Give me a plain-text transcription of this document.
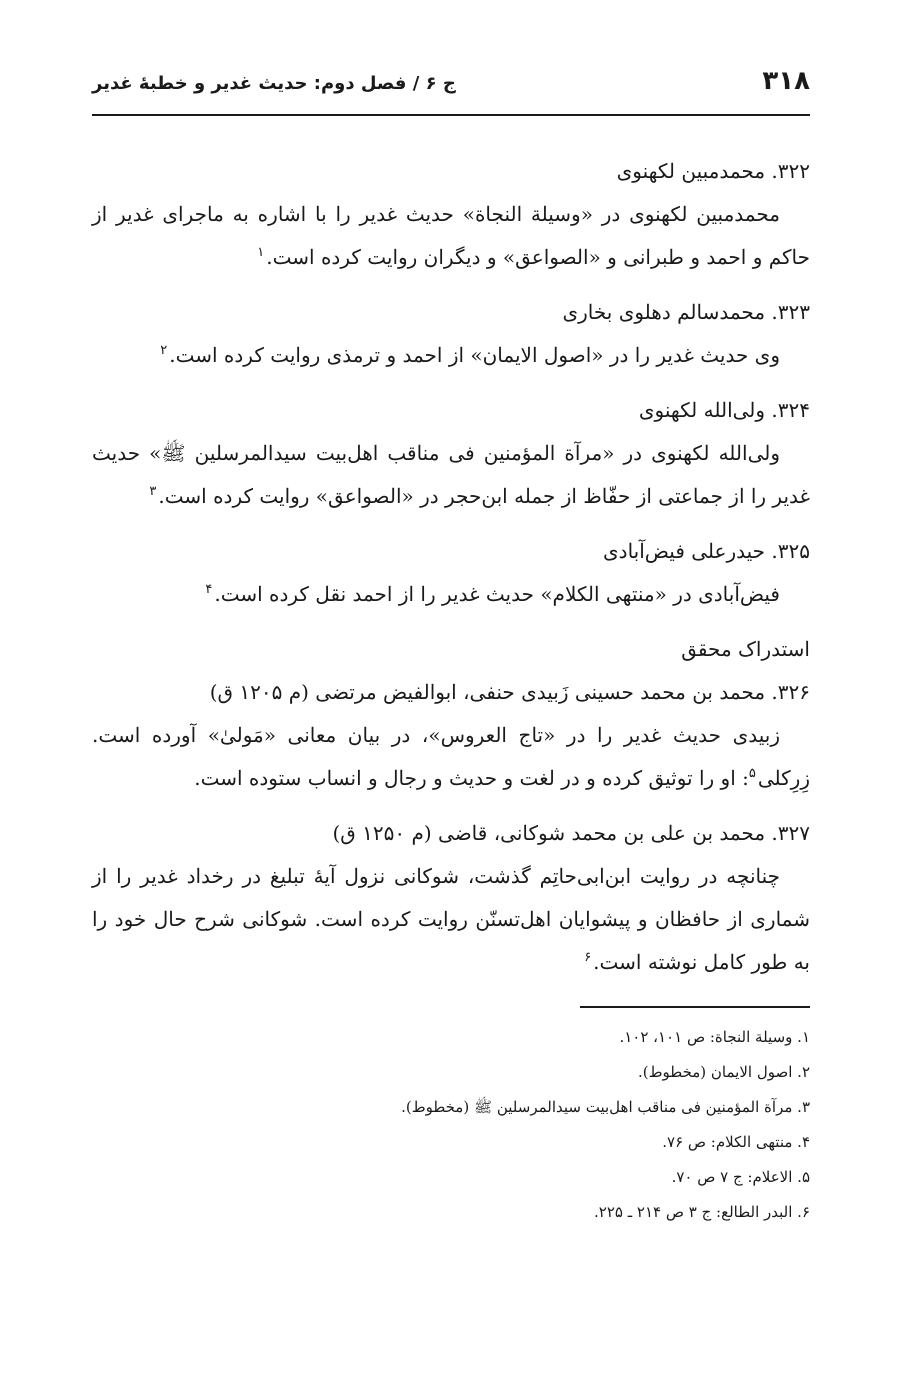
۳۱۸
ج ۶ / فصل دوم: حدیث غدیر و خطبهٔ غدیر

۳۲۲. محمدمبین لکهنوی

محمدمبین لکهنوی در «وسیلة النجاة» حدیث غدیر را با اشاره به ماجرای غدیر از حاکم و احمد و طبرانی و «الصواعق» و دیگران روایت کرده است.$^۱$

۳۲۳. محمدسالم دهلوی بخاری

وی حدیث غدیر را در «اصول الایمان» از احمد و ترمذی روایت کرده است.$^۲$

۳۲۴. ولی‌الله لکهنوی

ولی‌الله لکهنوی در «مرآة المؤمنین فی مناقب اهل‌بیت سیدالمرسلین ﷺ» حدیث غدیر را از جماعتی از حفّاظ از جمله ابن‌حجر در «الصواعق» روایت کرده است.$^۳$

۳۲۵. حیدرعلی فیض‌آبادی

فیض‌آبادی در «منتهی الکلام» حدیث غدیر را از احمد نقل کرده است.$^۴$

استدراک محقق

۳۲۶. محمد بن محمد حسینی زَبیدی حنفی، ابوالفیض مرتضی (م ۱۲۰۵ ق)

زبیدی حدیث غدیر را در «تاج العروس»، در بیان معانی «مَولیٰ» آورده است. زِرِکلی$^۵$: او را توثیق کرده و در لغت و حدیث و رجال و انساب ستوده است.

۳۲۷. محمد بن علی بن محمد شوکانی، قاضی (م ۱۲۵۰ ق)

چنانچه در روایت ابن‌ابی‌حاتِم گذشت، شوکانی نزول آیهٔ تبلیغ در رخداد غدیر را از شماری از حافظان و پیشوایان اهل‌تسنّن روایت کرده است. شوکانی شرح حال خود را به طور کامل نوشته است.$^۶$

۱. وسیلة النجاة: ص ۱۰۱، ۱۰۲.

۲. اصول الایمان (مخطوط).

۳. مرآة المؤمنین فی مناقب اهل‌بیت سیدالمرسلین ﷺ (مخطوط).

۴. منتهی الکلام: ص ۷۶.

۵. الاعلام: ج ۷ ص ۷۰.

۶. البدر الطالع: ج ۳ ص ۲۱۴ ـ ۲۲۵.
